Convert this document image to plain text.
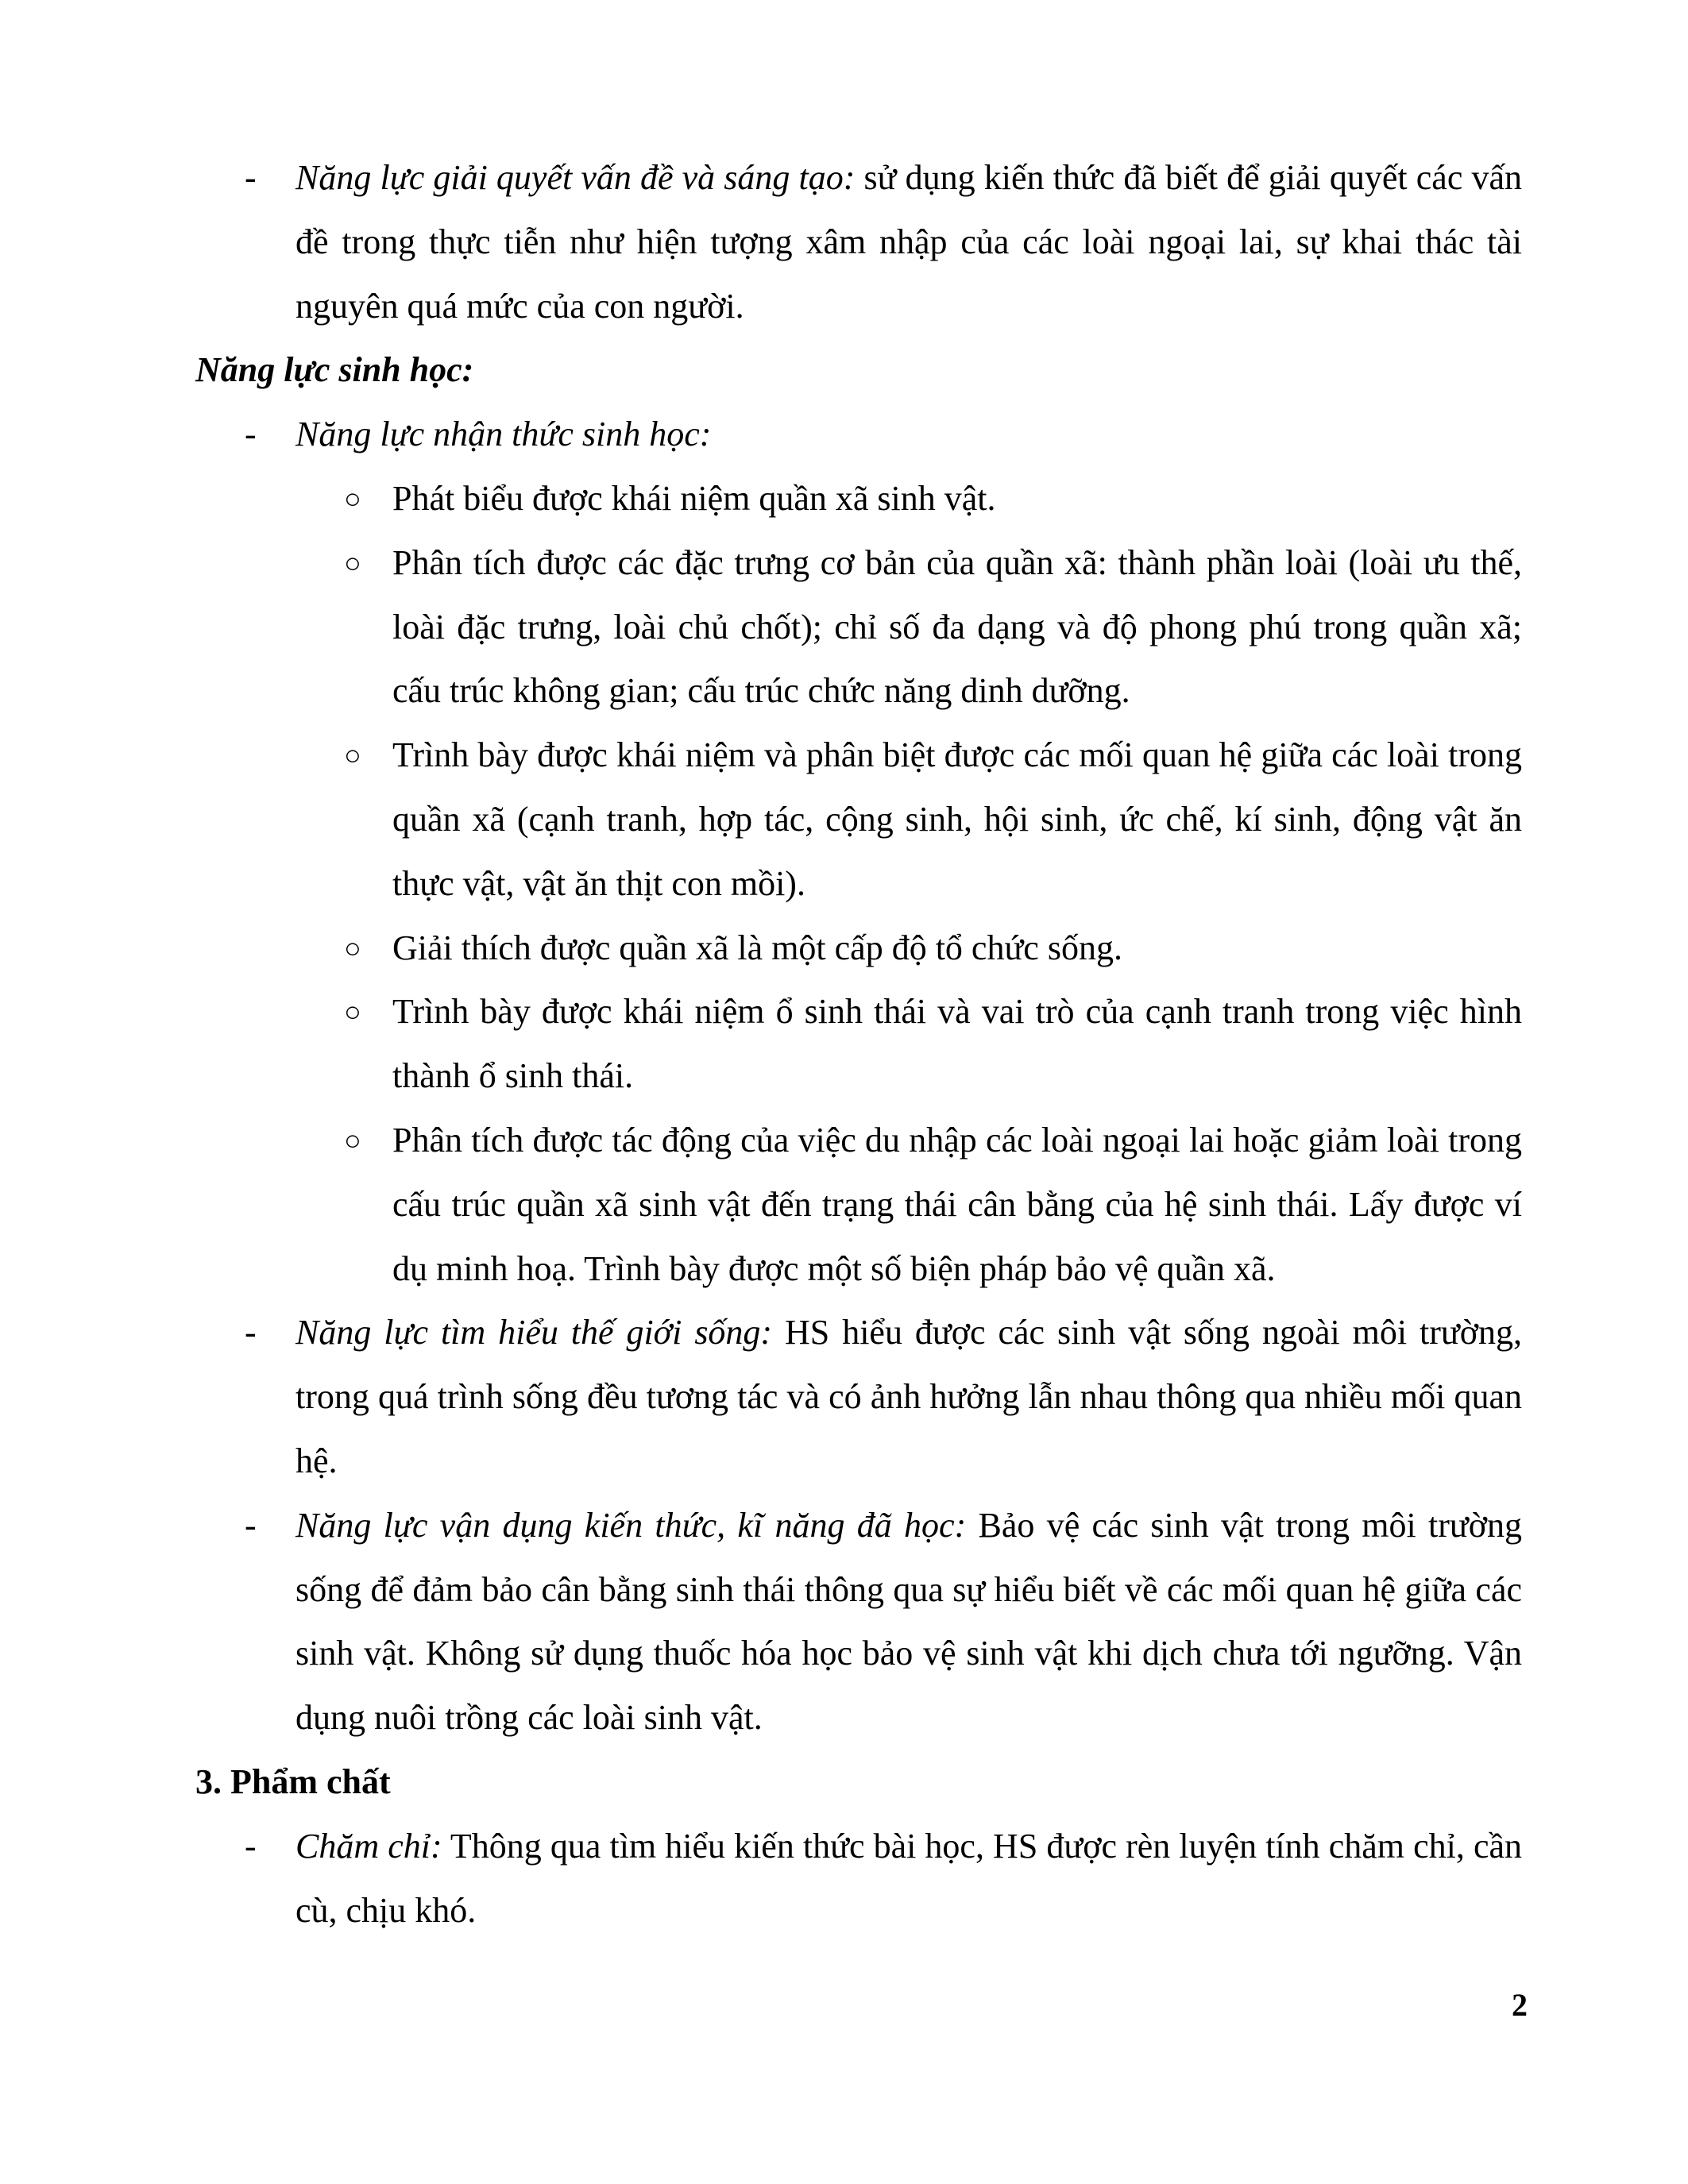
- Năng lực giải quyết vấn đề và sáng tạo: sử dụng kiến thức đã biết để giải quyết các vấn đề trong thực tiễn như hiện tượng xâm nhập của các loài ngoại lai, sự khai thác tài nguyên quá mức của con người.

Năng lực sinh học:

- Năng lực nhận thức sinh học:

○ Phát biểu được khái niệm quần xã sinh vật.

○ Phân tích được các đặc trưng cơ bản của quần xã: thành phần loài (loài ưu thế, loài đặc trưng, loài chủ chốt); chỉ số đa dạng và độ phong phú trong quần xã; cấu trúc không gian; cấu trúc chức năng dinh dưỡng.

○ Trình bày được khái niệm và phân biệt được các mối quan hệ giữa các loài trong quần xã (cạnh tranh, hợp tác, cộng sinh, hội sinh, ức chế, kí sinh, động vật ăn thực vật, vật ăn thịt con mồi).

○ Giải thích được quần xã là một cấp độ tổ chức sống.

○ Trình bày được khái niệm ổ sinh thái và vai trò của cạnh tranh trong việc hình thành ổ sinh thái.

○ Phân tích được tác động của việc du nhập các loài ngoại lai hoặc giảm loài trong cấu trúc quần xã sinh vật đến trạng thái cân bằng của hệ sinh thái. Lấy được ví dụ minh hoạ. Trình bày được một số biện pháp bảo vệ quần xã.

- Năng lực tìm hiểu thế giới sống: HS hiểu được các sinh vật sống ngoài môi trường, trong quá trình sống đều tương tác và có ảnh hưởng lẫn nhau thông qua nhiều mối quan hệ.

- Năng lực vận dụng kiến thức, kĩ năng đã học: Bảo vệ các sinh vật trong môi trường sống để đảm bảo cân bằng sinh thái thông qua sự hiểu biết về các mối quan hệ giữa các sinh vật. Không sử dụng thuốc hóa học bảo vệ sinh vật khi dịch chưa tới ngưỡng. Vận dụng nuôi trồng các loài sinh vật.

3. Phẩm chất

- Chăm chỉ: Thông qua tìm hiểu kiến thức bài học, HS được rèn luyện tính chăm chỉ, cần cù, chịu khó.

2
